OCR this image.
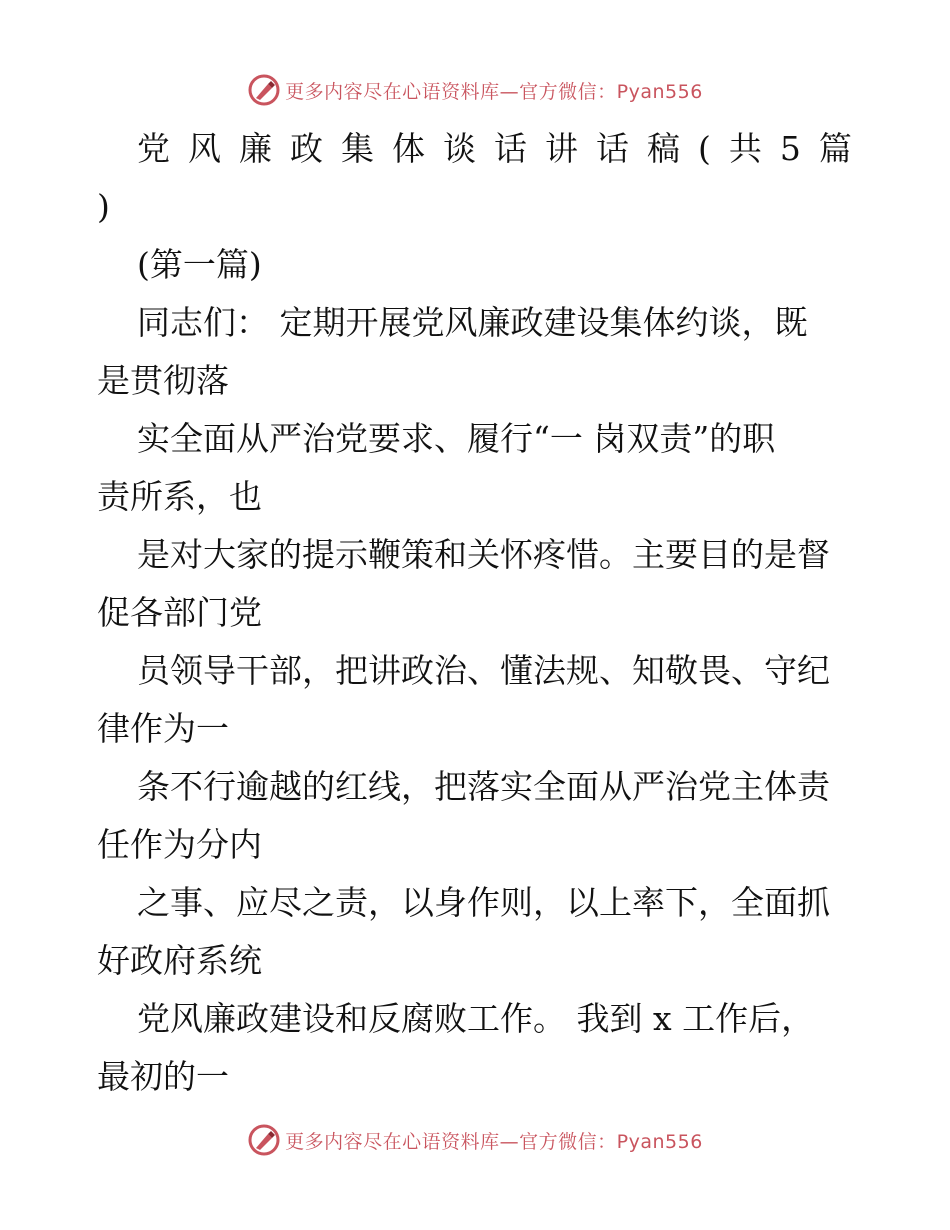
更多内容尽在心语资料库—官方微信：Pyan556
党风廉政集体谈话讲话稿(共5篇
)
(第一篇)
同志们： 定期开展党风廉政建设集体约谈，既
是贯彻落
实全面从严治党要求、履行“一 岗双责”的职
责所系，也
是对大家的提示鞭策和关怀疼惜。主要目的是督
促各部门党
员领导干部，把讲政治、懂法规、知敬畏、守纪
律作为一
条不行逾越的红线，把落实全面从严治党主体责
任作为分内
之事、应尽之责，以身作则，以上率下，全面抓
好政府系统
党风廉政建设和反腐败工作。 我到 x 工作后，
最初的一
更多内容尽在心语资料库—官方微信：Pyan556
